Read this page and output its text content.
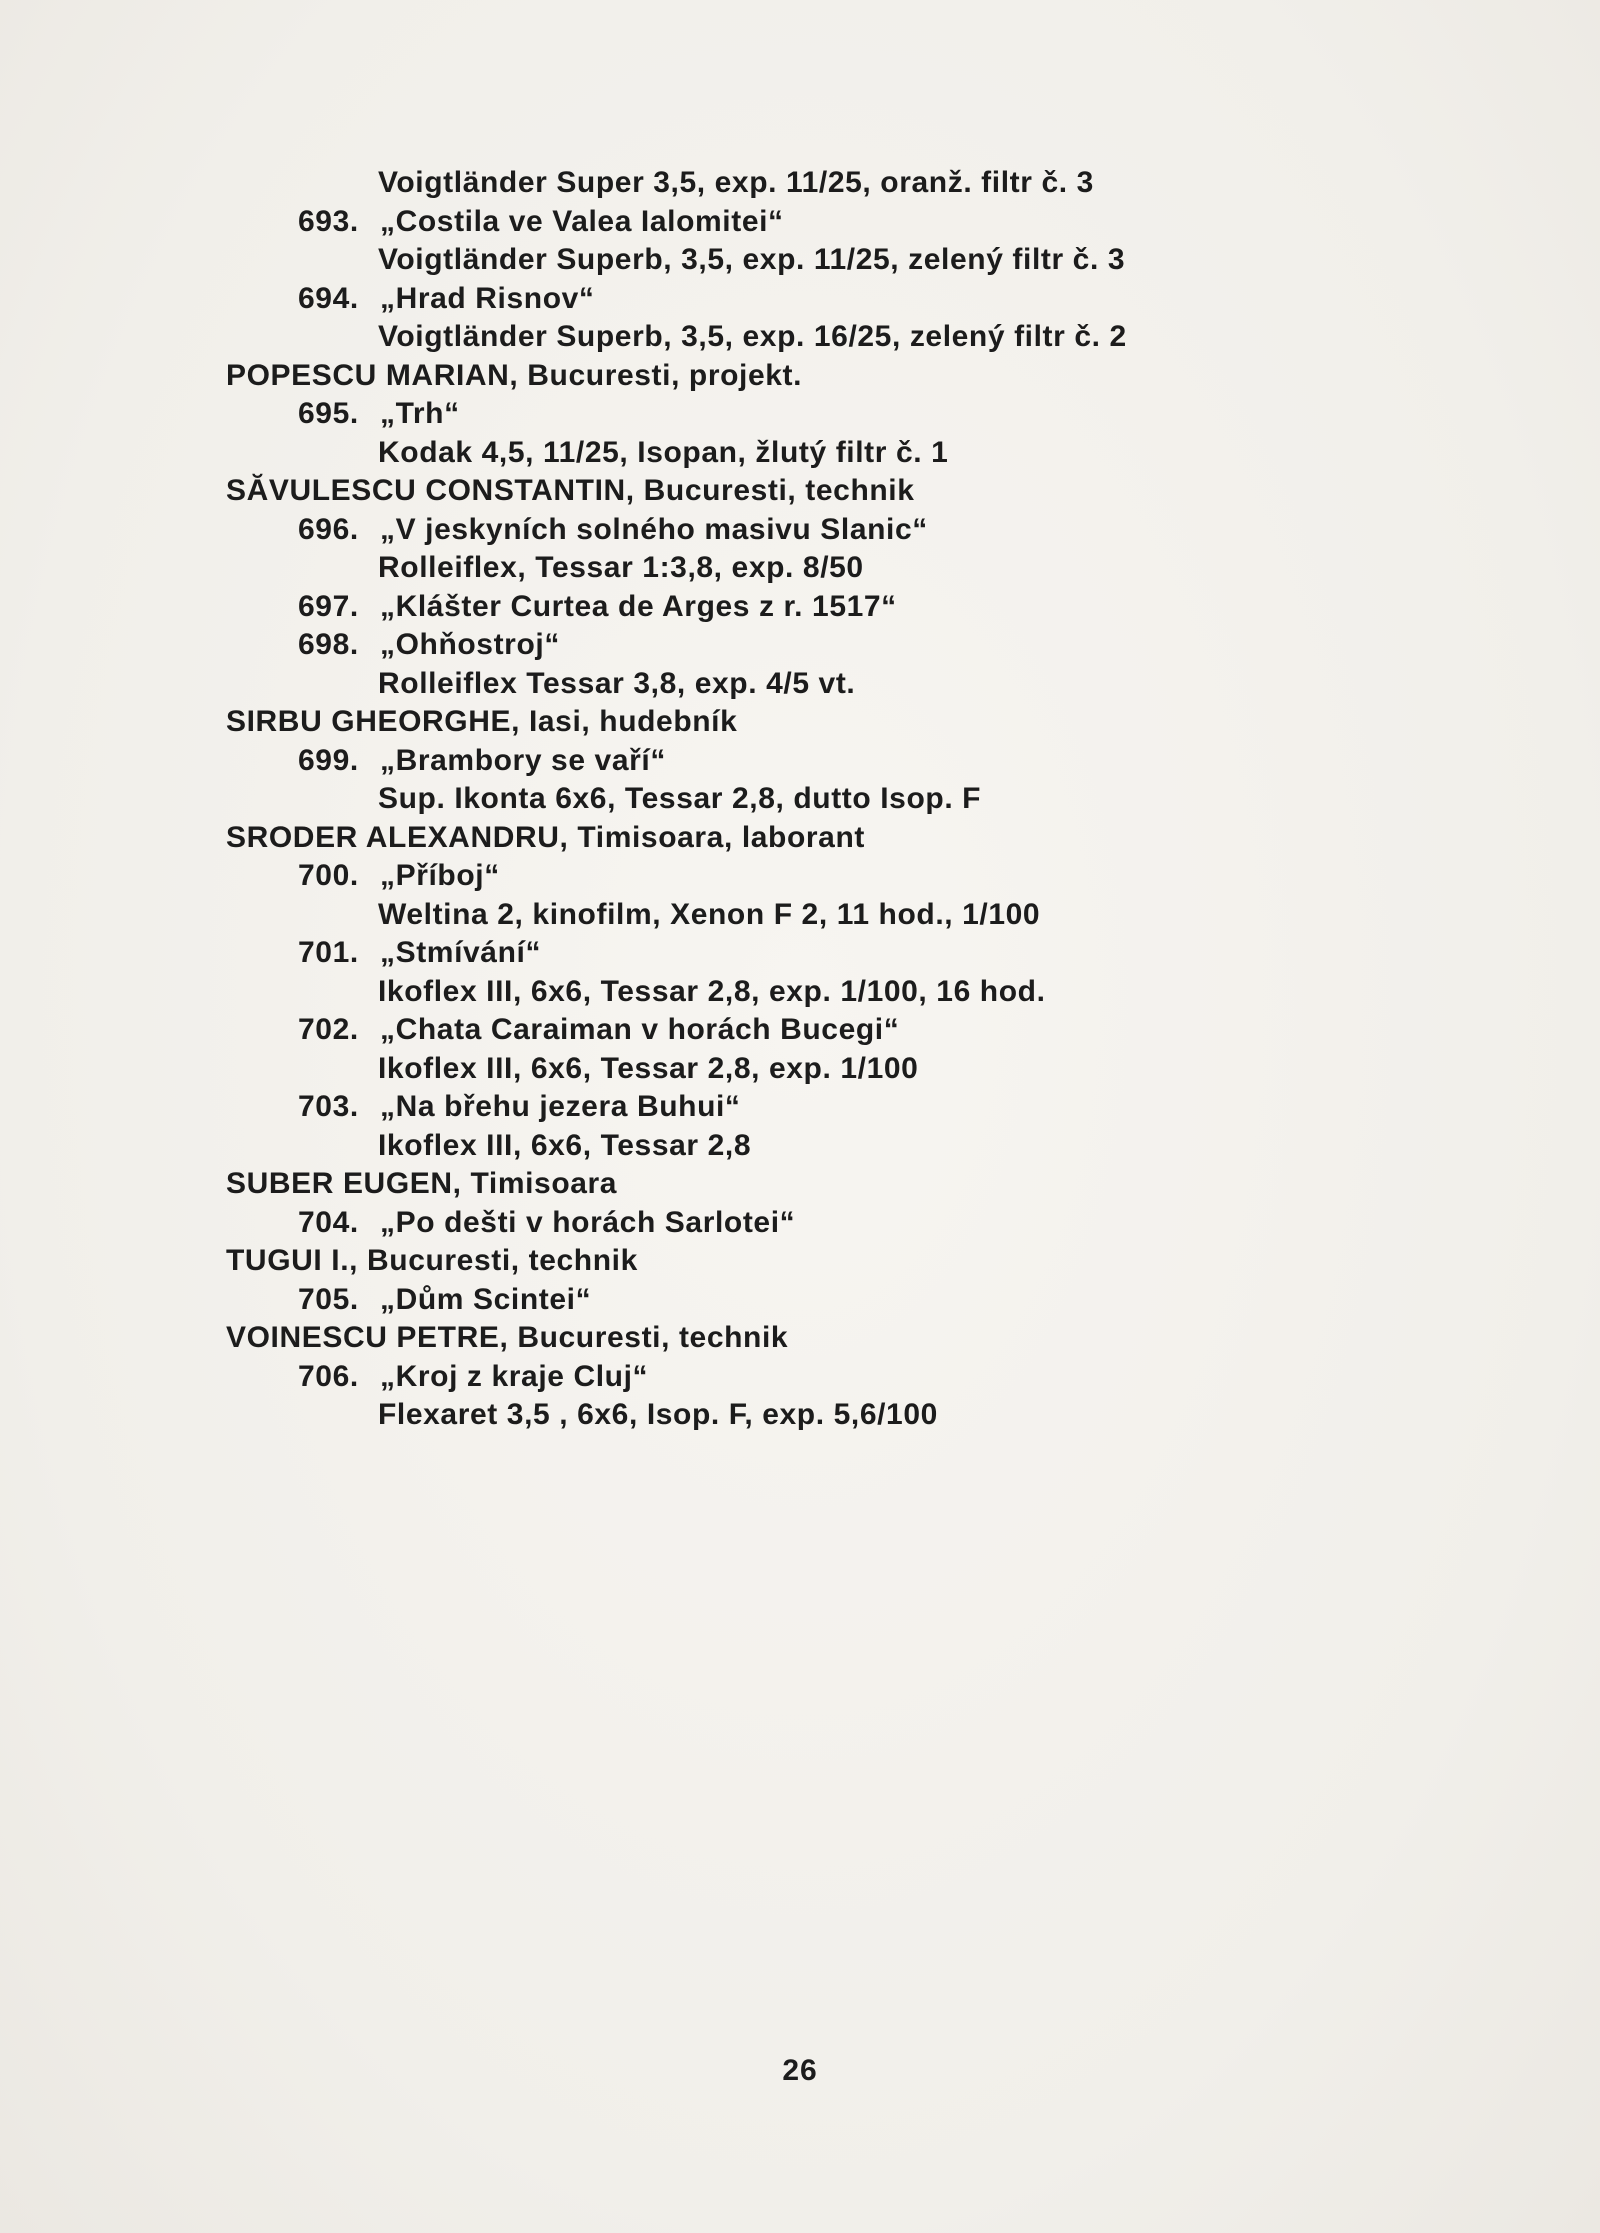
Voigtländer Super 3,5, exp. 11/25, oranž. filtr č. 3
693. „Costila ve Valea Ialomitei“
Voigtländer Superb, 3,5, exp. 11/25, zelený filtr č. 3
694. „Hrad Risnov“
Voigtländer Superb, 3,5, exp. 16/25, zelený filtr č. 2
POPESCU MARIAN, Bucuresti, projekt.
695. „Trh“
Kodak 4,5, 11/25, Isopan, žlutý filtr č. 1
SĂVULESCU CONSTANTIN, Bucuresti, technik
696. „V jeskyních solného masivu Slanic“
Rolleiflex, Tessar 1:3,8, exp. 8/50
697. „Klášter Curtea de Arges z r. 1517“
698. „Ohňostroj“
Rolleiflex Tessar 3,8, exp. 4/5 vt.
SIRBU GHEORGHE, Iasi, hudebník
699. „Brambory se vaří“
Sup. Ikonta 6x6, Tessar 2,8, dutto Isop. F
SRODER ALEXANDRU, Timisoara, laborant
700. „Příboj“
Weltina 2, kinofilm, Xenon F 2, 11 hod., 1/100
701. „Stmívání“
Ikoflex III, 6x6, Tessar 2,8, exp. 1/100, 16 hod.
702. „Chata Caraiman v horách Bucegi“
Ikoflex III, 6x6, Tessar 2,8, exp. 1/100
703. „Na břehu jezera Buhui“
Ikoflex III, 6x6, Tessar 2,8
SUBER EUGEN, Timisoara
704. „Po dešti v horách Sarlotei“
TUGUI I., Bucuresti, technik
705. „Dům Scintei“
VOINESCU PETRE, Bucuresti, technik
706. „Kroj z kraje Cluj“
Flexaret 3,5 , 6x6, Isop. F, exp. 5,6/100
26
